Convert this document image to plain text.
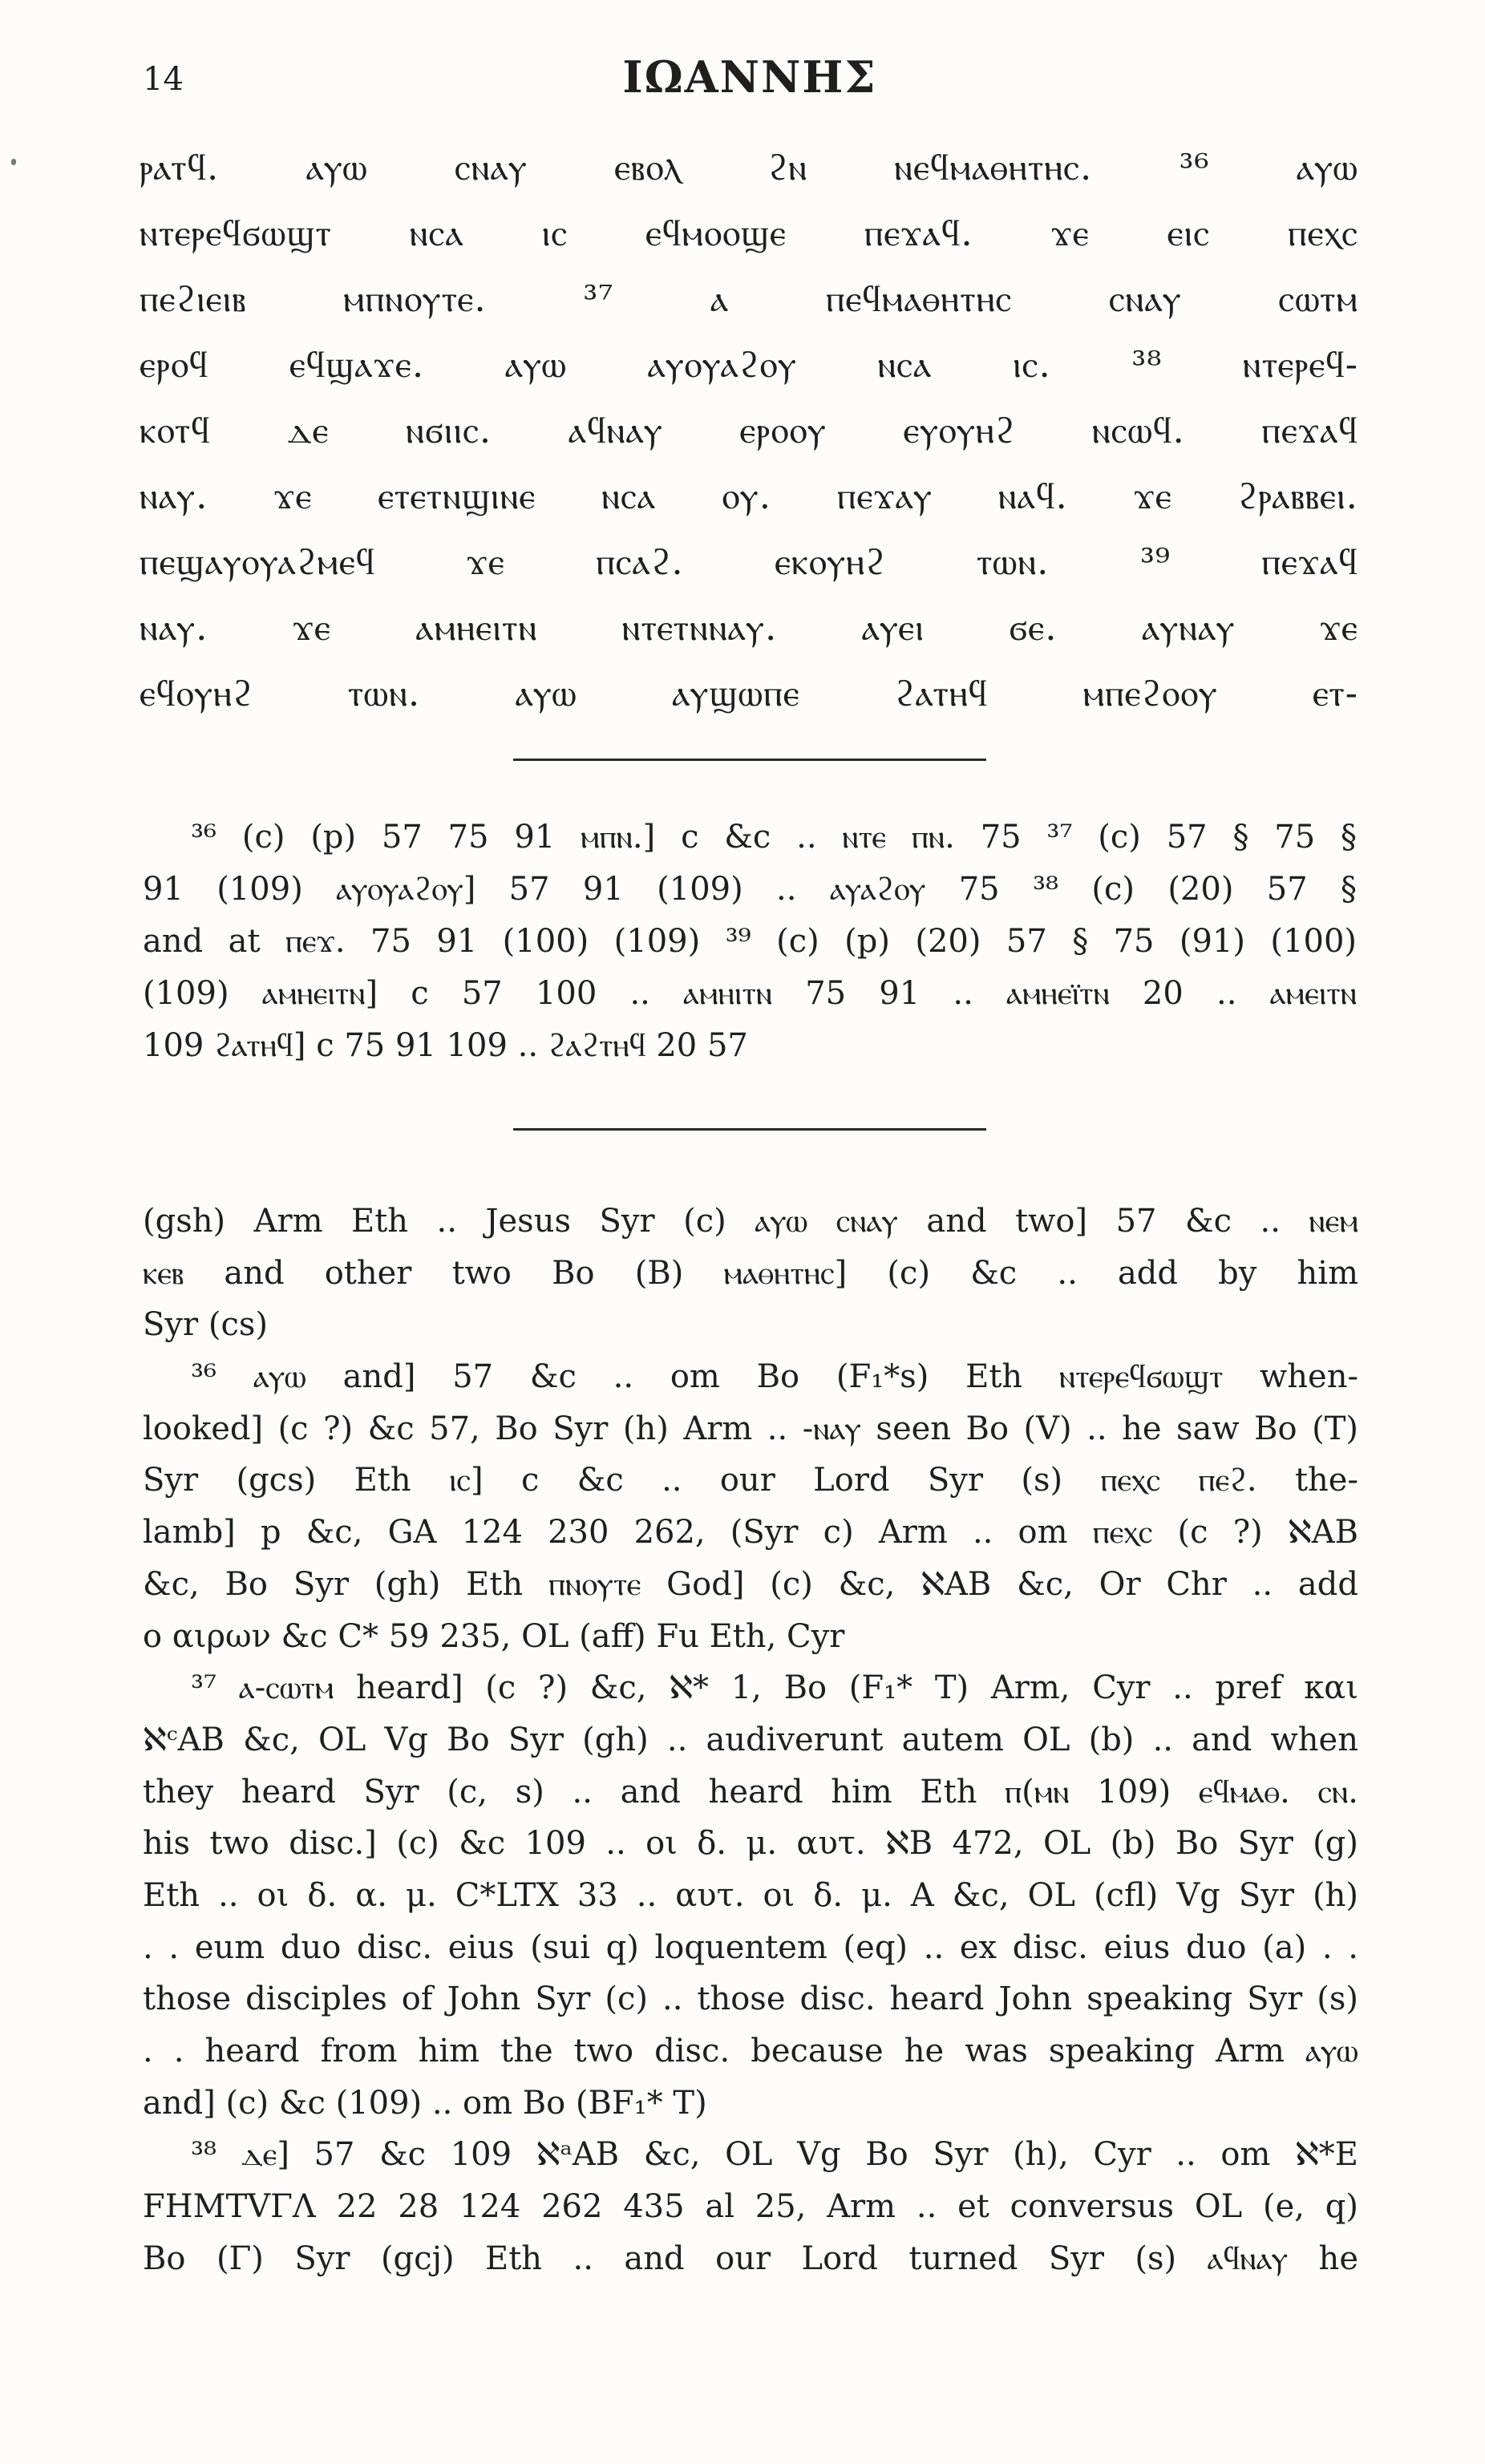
14	ΙΩΑΝΝΗΣ
ⲣⲁⲧϥ. ⲁⲩⲱ ⲥⲛⲁⲩ ⲉⲃⲟⲗ ϩⲛ ⲛⲉϥⲙⲁⲑⲏⲧⲏⲥ. ³⁶ ⲁⲩⲱ
ⲛⲧⲉⲣⲉϥϭⲱϣⲧ ⲛⲥⲁ ⲓⲥ ⲉϥⲙⲟⲟϣⲉ ⲡⲉϫⲁϥ. ϫⲉ ⲉⲓⲥ ⲡⲉⲭⲥ
ⲡⲉϩⲓⲉⲓⲃ ⲙⲡⲛⲟⲩⲧⲉ. ³⁷ ⲁ ⲡⲉϥⲙⲁⲑⲏⲧⲏⲥ ⲥⲛⲁⲩ ⲥⲱⲧⲙ
ⲉⲣⲟϥ ⲉϥϣⲁϫⲉ. ⲁⲩⲱ ⲁⲩⲟⲩⲁϩⲟⲩ ⲛⲥⲁ ⲓⲥ. ³⁸ ⲛⲧⲉⲣⲉϥ-
ⲕⲟⲧϥ ⲇⲉ ⲛϭⲓⲓⲥ. ⲁϥⲛⲁⲩ ⲉⲣⲟⲟⲩ ⲉⲩⲟⲩⲏϩ ⲛⲥⲱϥ. ⲡⲉϫⲁϥ
ⲛⲁⲩ. ϫⲉ ⲉⲧⲉⲧⲛϣⲓⲛⲉ ⲛⲥⲁ ⲟⲩ. ⲡⲉϫⲁⲩ ⲛⲁϥ. ϫⲉ ϩⲣⲁⲃⲃⲉⲓ.
ⲡⲉϣⲁⲩⲟⲩⲁϩⲙⲉϥ ϫⲉ ⲡⲥⲁϩ. ⲉⲕⲟⲩⲏϩ ⲧⲱⲛ. ³⁹ ⲡⲉϫⲁϥ
ⲛⲁⲩ. ϫⲉ ⲁⲙⲏⲉⲓⲧⲛ ⲛⲧⲉⲧⲛⲛⲁⲩ. ⲁⲩⲉⲓ ϭⲉ. ⲁⲩⲛⲁⲩ ϫⲉ
ⲉϥⲟⲩⲏϩ ⲧⲱⲛ. ⲁⲩⲱ ⲁⲩϣⲱⲡⲉ ϩⲁⲧⲏϥ ⲙⲡⲉϩⲟⲟⲩ ⲉⲧ-
³⁶ (c) (p) 57 75 91 ⲙⲡⲛ.] c &c .. ⲛⲧⲉ ⲡⲛ. 75 ³⁷ (c) 57 § 75 §
91 (109) ⲁⲩⲟⲩⲁϩⲟⲩ] 57 91 (109) .. ⲁⲩⲁϩⲟⲩ 75 ³⁸ (c) (20) 57 §
and at ⲡⲉϫ. 75 91 (100) (109) ³⁹ (c) (p) (20) 57 § 75 (91) (100)
(109) ⲁⲙⲏⲉⲓⲧⲛ] c 57 100 .. ⲁⲙⲏⲓⲧⲛ 75 91 .. ⲁⲙⲏⲉⲓ̈ⲧⲛ 20 .. ⲁⲙⲉⲓⲧⲛ
109 ϩⲁⲧⲏϥ] c 75 91 109 .. ϩⲁϩⲧⲏϥ 20 57
(gsh) Arm Eth .. Jesus Syr (c) ⲁⲩⲱ ⲥⲛⲁⲩ and two] 57 &c .. ⲛⲉⲙ
ⲕⲉⲃ and other two Bo (B) ⲙⲁⲑⲏⲧⲏⲥ] (c) &c .. add by him
Syr (cs)
³⁶ ⲁⲩⲱ and] 57 &c .. om Bo (F₁*s) Eth ⲛⲧⲉⲣⲉϥϭⲱϣⲧ when-
looked] (c ?) &c 57, Bo Syr (h) Arm .. -ⲛⲁⲩ seen Bo (V) .. he saw Bo (T)
Syr (gcs) Eth ⲓⲥ] c &c .. our Lord Syr (s) ⲡⲉⲭⲥ ⲡⲉϩ. the-
lamb] p &c, GA 124 230 262, (Syr c) Arm .. om ⲡⲉⲭⲥ (c ?) ℵAB
&c, Bo Syr (gh) Eth ⲡⲛⲟⲩⲧⲉ God] (c) &c, ℵAB &c, Or Chr .. add
ο αιρων &c C* 59 235, OL (aff) Fu Eth, Cyr
³⁷ ⲁ-ⲥⲱⲧⲙ heard] (c ?) &c, ℵ* 1, Bo (F₁* T) Arm, Cyr .. pref και
ℵᶜAB &c, OL Vg Bo Syr (gh) .. audiverunt autem OL (b) .. and when
they heard Syr (c, s) .. and heard him Eth ⲡ(ⲙⲛ 109) ⲉϥⲙⲁⲑ. ⲥⲛ.
his two disc.] (c) &c 109 .. οι δ. μ. αυτ. ℵB 472, OL (b) Bo Syr (g)
Eth .. οι δ. α. μ. C*LTX 33 .. αυτ. οι δ. μ. A &c, OL (cfl) Vg Syr (h)
. . eum duo disc. eius (sui q) loquentem (eq) .. ex disc. eius duo (a) . .
those disciples of John Syr (c) .. those disc. heard John speaking Syr (s)
. . heard from him the two disc. because he was speaking Arm ⲁⲩⲱ
and] (c) &c (109) .. om Bo (BF₁* T)
³⁸ ⲇⲉ] 57 &c 109 ℵᵃAB &c, OL Vg Bo Syr (h), Cyr .. om ℵ*E
FHMTVΓΛ 22 28 124 262 435 al 25, Arm .. et conversus OL (e, q)
Bo (Γ) Syr (gcj) Eth .. and our Lord turned Syr (s) ⲁϥⲛⲁⲩ he
